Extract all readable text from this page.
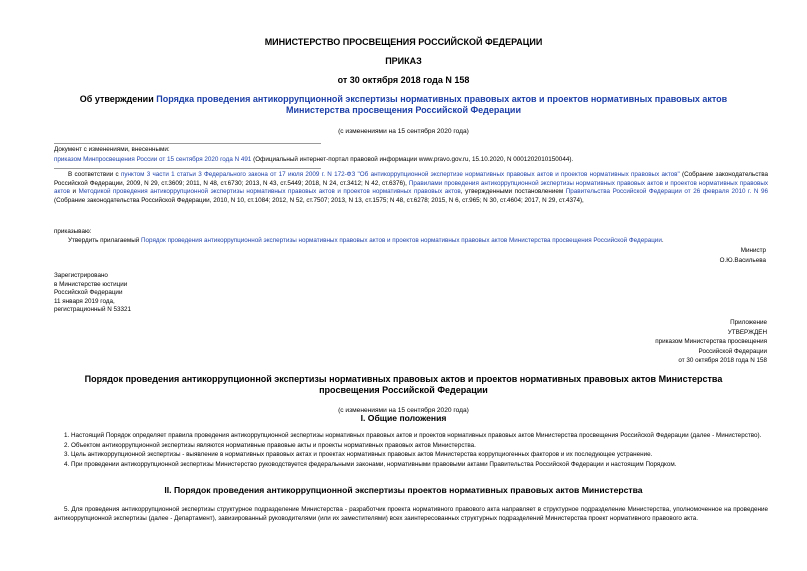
МИНИСТЕРСТВО ПРОСВЕЩЕНИЯ РОССИЙСКОЙ ФЕДЕРАЦИИ
ПРИКАЗ
от 30 октября 2018 года N 158
Об утверждении Порядка проведения антикоррупционной экспертизы нормативных правовых актов и проектов нормативных правовых актов Министерства просвещения Российской Федерации
(с изменениями на 15 сентября 2020 года)
Документ с изменениями, внесенными:
приказом Минпросвещения России от 15 сентября 2020 года N 491 (Официальный интернет-портал правовой информации www.pravo.gov.ru, 15.10.2020, N 0001202010150044).
В соответствии с пунктом 3 части 1 статьи 3 Федерального закона от 17 июля 2009 г. N 172-ФЗ "Об антикоррупционной экспертизе нормативных правовых актов и проектов нормативных правовых актов" (Собрание законодательства Российской Федерации, 2009, N 29, ст.3609; 2011, N 48, ст.6730; 2013, N 43, ст.5449; 2018, N 24, ст.3412; N 42, ст.6376), Правилами проведения антикоррупционной экспертизы нормативных правовых актов и проектов нормативных правовых актов и Методикой проведения антикоррупционной экспертизы нормативных правовых актов и проектов нормативных правовых актов, утвержденными постановлением Правительства Российской Федерации от 26 февраля 2010 г. N 96 (Собрание законодательства Российской Федерации, 2010, N 10, ст.1084; 2012, N 52, ст.7507; 2013, N 13, ст.1575; N 48, ст.6278; 2015, N 6, ст.965; N 30, ст.4604; 2017, N 29, ст.4374),
приказываю:
Утвердить прилагаемый Порядок проведения антикоррупционной экспертизы нормативных правовых актов и проектов нормативных правовых актов Министерства просвещения Российской Федерации.
Министр
О.Ю.Васильева
Зарегистрировано
в Министерстве юстиции
Российской Федерации
11 января 2019 года,
регистрационный N 53321
Приложение
УТВЕРЖДЕН
приказом Министерства просвещения
Российской Федерации
от 30 октября 2018 года N 158
Порядок проведения антикоррупционной экспертизы нормативных правовых актов и проектов нормативных правовых актов Министерства просвещения Российской Федерации
(с изменениями на 15 сентября 2020 года)
I. Общие положения
1. Настоящий Порядок определяет правила проведения антикоррупционной экспертизы нормативных правовых актов и проектов нормативных правовых актов Министерства просвещения Российской Федерации (далее - Министерство).
2. Объектом антикоррупционной экспертизы являются нормативные правовые акты и проекты нормативных правовых актов Министерства.
3. Цель антикоррупционной экспертизы - выявление в нормативных правовых актах и проектах нормативных правовых актов Министерства коррупциогенных факторов и их последующее устранение.
4. При проведении антикоррупционной экспертизы Министерство руководствуется федеральными законами, нормативными правовыми актами Правительства Российской Федерации и настоящим Порядком.
II. Порядок проведения антикоррупционной экспертизы проектов нормативных правовых актов Министерства
5. Для проведения антикоррупционной экспертизы структурное подразделение Министерства - разработчик проекта нормативного правового акта направляет в структурное подразделение Министерства, уполномоченное на проведение антикоррупционной экспертизы (далее - Департамент), завизированный руководителями (или их заместителями) всех заинтересованных структурных подразделений Министерства проект нормативного правового акта.
